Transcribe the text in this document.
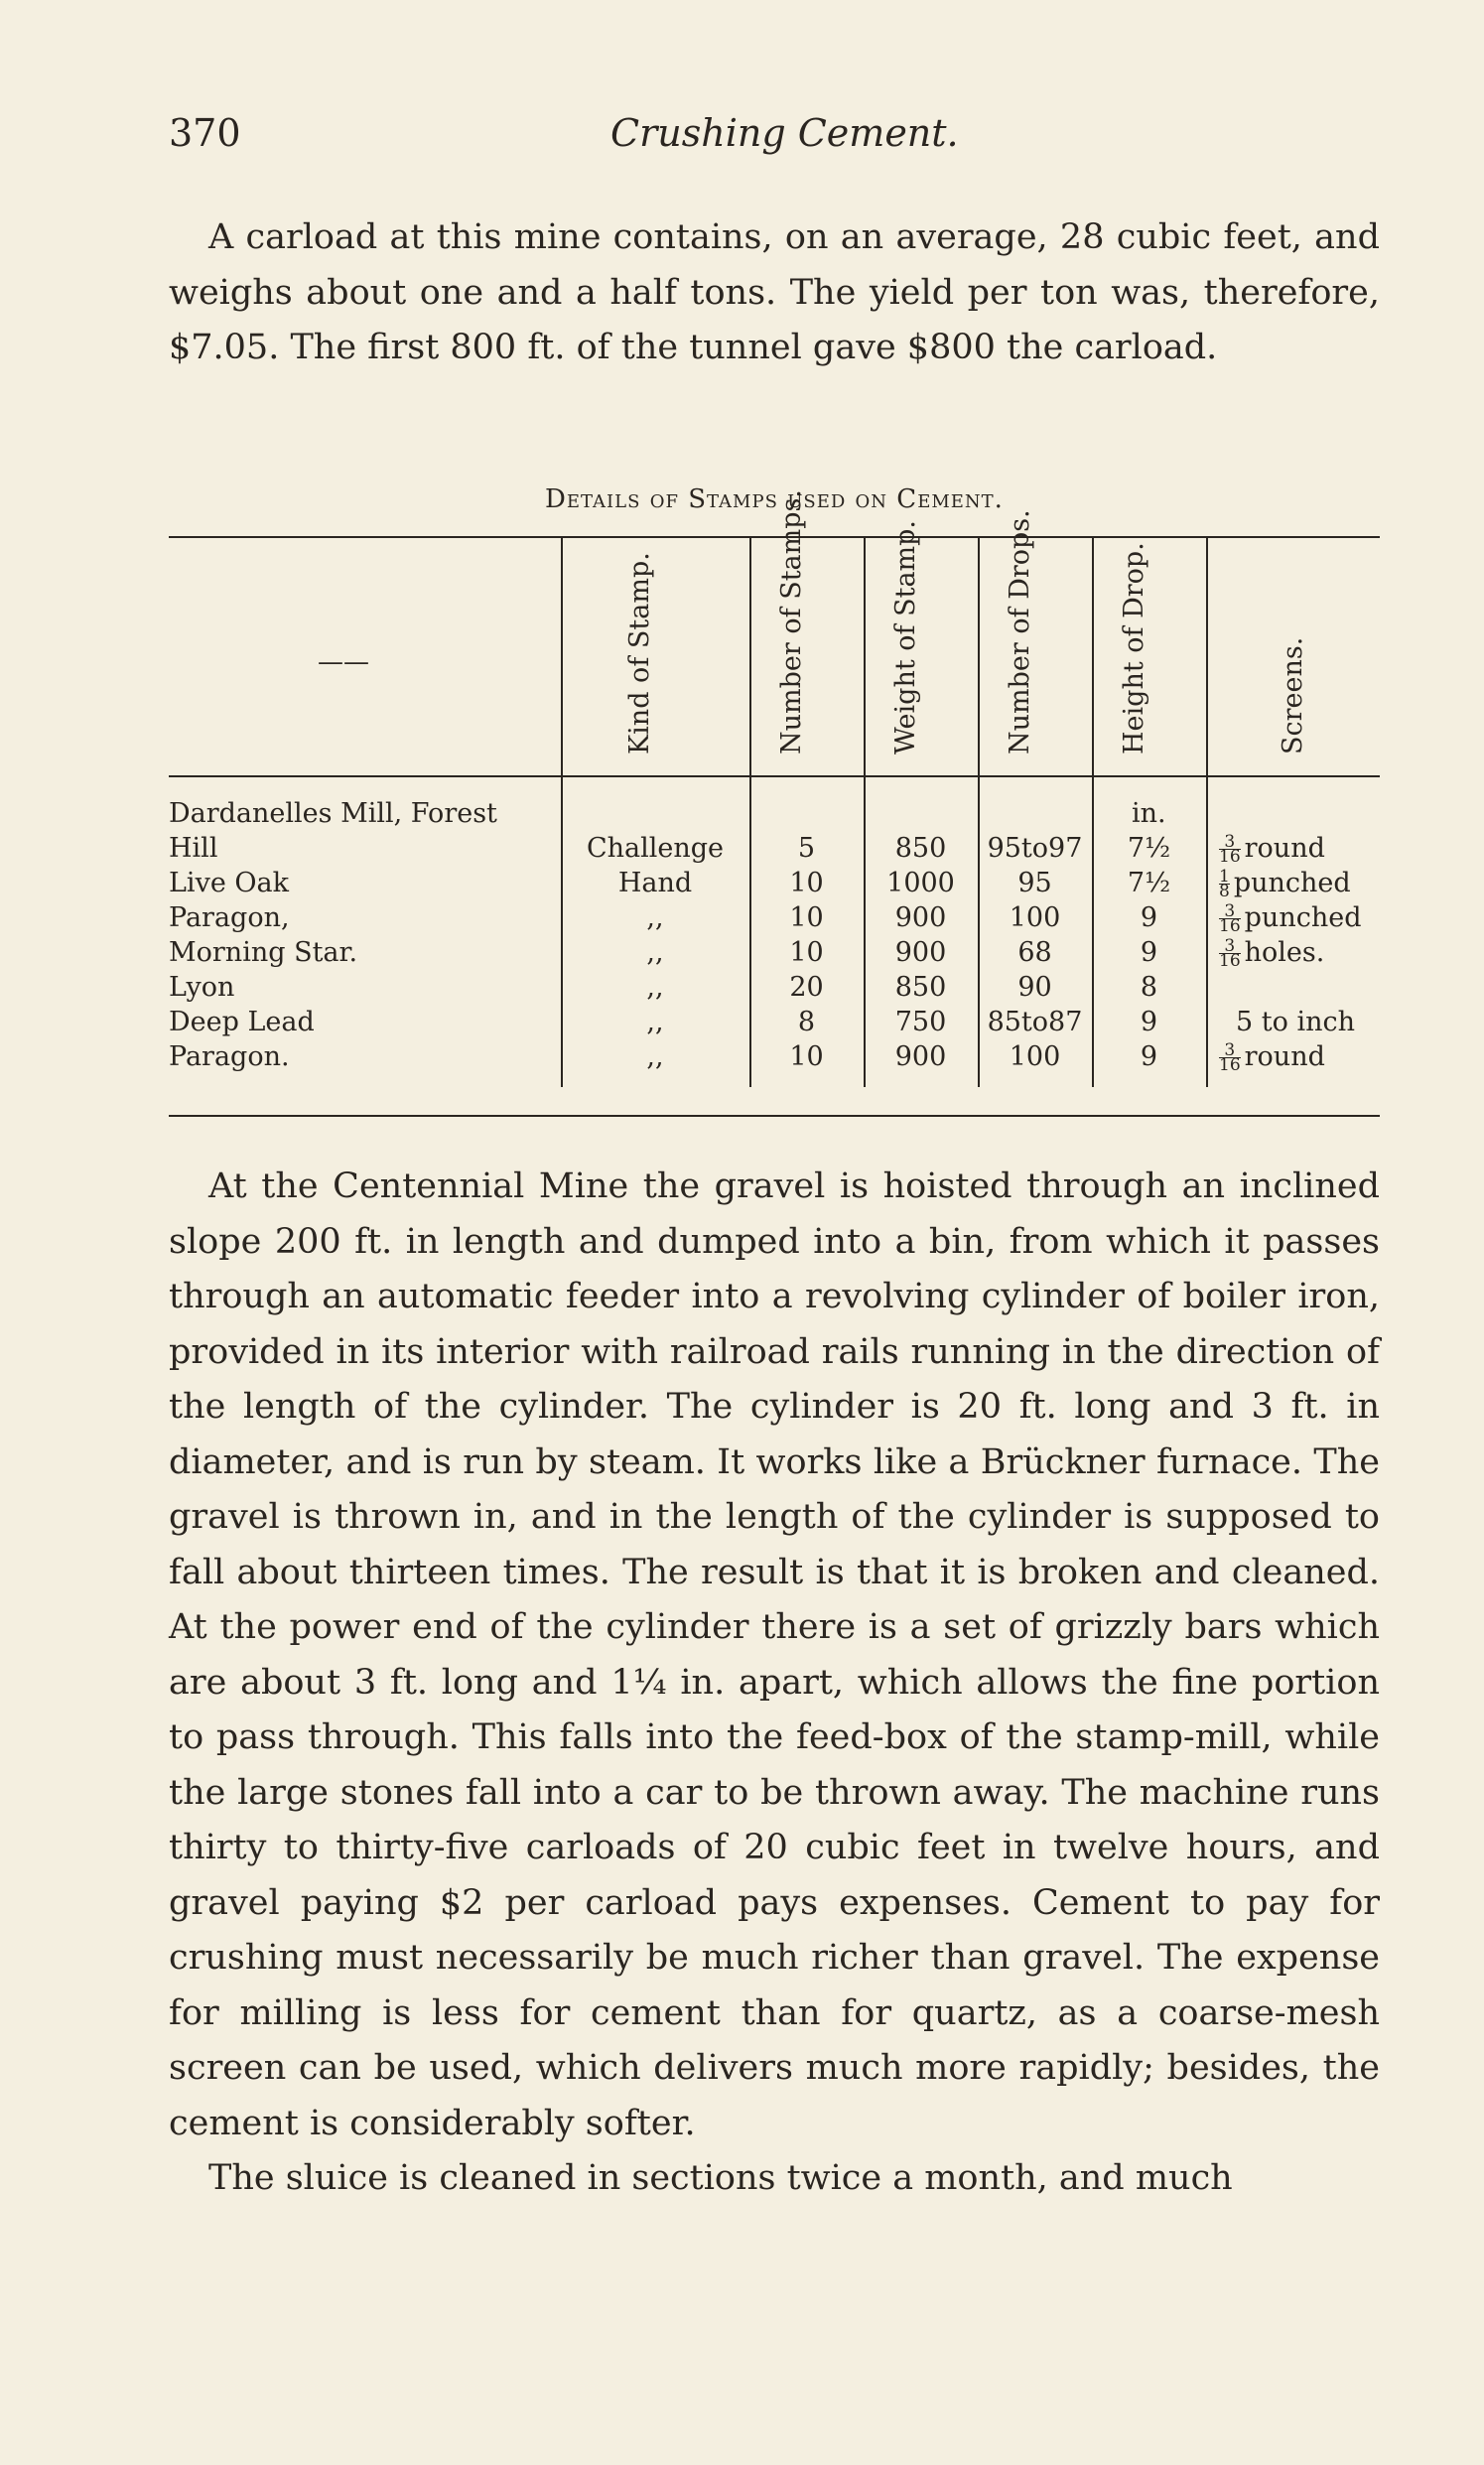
370	Crushing Cement.

A carload at this mine contains, on an average, 28 cubic feet, and weighs about one and a half tons. The yield per ton was, therefore, $7.05. The first 800 ft. of the tunnel gave $800 the carload.

Details of Stamps used on Cement.
——	Kind of Stamp.	Number of Stamps.	Weight of Stamp.	Number of Drops.	Height of Drop.	Screens.
in.
Dardanelles Mill, Forest
Hill	Challenge	5	850	95to97	7½	$\frac{3}{16}$ round
Live Oak	Hand	10	1000	95	7½	$\frac{1}{8}$ punched
Paragon,	,,	10	900	100	9	$\frac{3}{16}$ punched
Morning Star.	,,	10	900	68	9	$\frac{3}{16}$ holes.
Lyon	,,	20	850	90	8
Deep Lead	,,	8	750	85to87	9	5 to inch
Paragon.	,,	10	900	100	9	$\frac{3}{16}$ round

At the Centennial Mine the gravel is hoisted through an inclined slope 200 ft. in length and dumped into a bin, from which it passes through an automatic feeder into a revolving cylinder of boiler iron, provided in its interior with railroad rails running in the direction of the length of the cylinder. The cylinder is 20 ft. long and 3 ft. in diameter, and is run by steam. It works like a Brückner furnace. The gravel is thrown in, and in the length of the cylinder is supposed to fall about thirteen times. The result is that it is broken and cleaned. At the power end of the cylinder there is a set of grizzly bars which are about 3 ft. long and 1¼ in. apart, which allows the fine portion to pass through. This falls into the feed-box of the stamp-mill, while the large stones fall into a car to be thrown away. The machine runs thirty to thirty-five carloads of 20 cubic feet in twelve hours, and gravel paying $2 per carload pays expenses. Cement to pay for crushing must necessarily be much richer than gravel. The expense for milling is less for cement than for quartz, as a coarse-mesh screen can be used, which delivers much more rapidly; besides, the cement is considerably softer.

The sluice is cleaned in sections twice a month, and much
